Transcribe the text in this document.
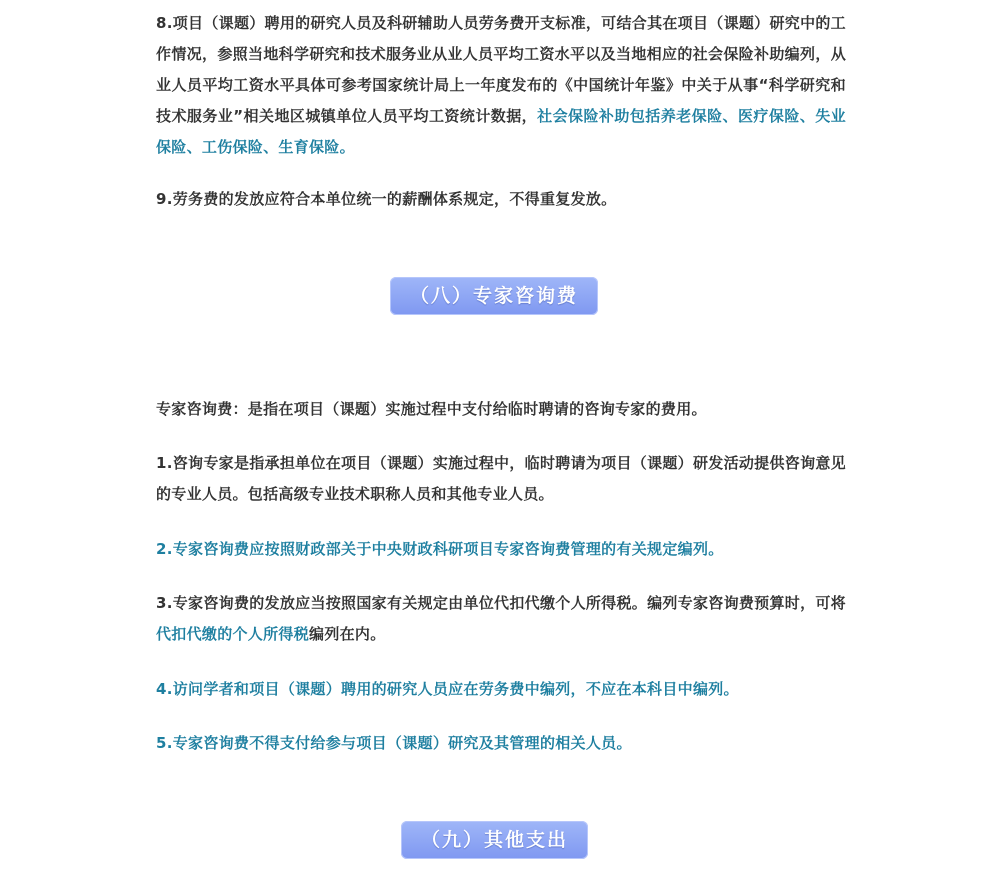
8.项目（课题）聘用的研究人员及科研辅助人员劳务费开支标准，可结合其在项目（课题）研究中的工作情况，参照当地科学研究和技术服务业从业人员平均工资水平以及当地相应的社会保险补助编列，从业人员平均工资水平具体可参考国家统计局上一年度发布的《中国统计年鉴》中关于从事“科学研究和技术服务业”相关地区城镇单位人员平均工资统计数据，社会保险补助包括养老保险、医疗保险、失业保险、工伤保险、生育保险。

9.劳务费的发放应符合本单位统一的薪酬体系规定，不得重复发放。

（八）专家咨询费

专家咨询费：是指在项目（课题）实施过程中支付给临时聘请的咨询专家的费用。

1.咨询专家是指承担单位在项目（课题）实施过程中，临时聘请为项目（课题）研发活动提供咨询意见的专业人员。包括高级专业技术职称人员和其他专业人员。

2.专家咨询费应按照财政部关于中央财政科研项目专家咨询费管理的有关规定编列。

3.专家咨询费的发放应当按照国家有关规定由单位代扣代缴个人所得税。编列专家咨询费预算时，可将代扣代缴的个人所得税编列在内。

4.访问学者和项目（课题）聘用的研究人员应在劳务费中编列，不应在本科目中编列。

5.专家咨询费不得支付给参与项目（课题）研究及其管理的相关人员。

（九）其他支出
